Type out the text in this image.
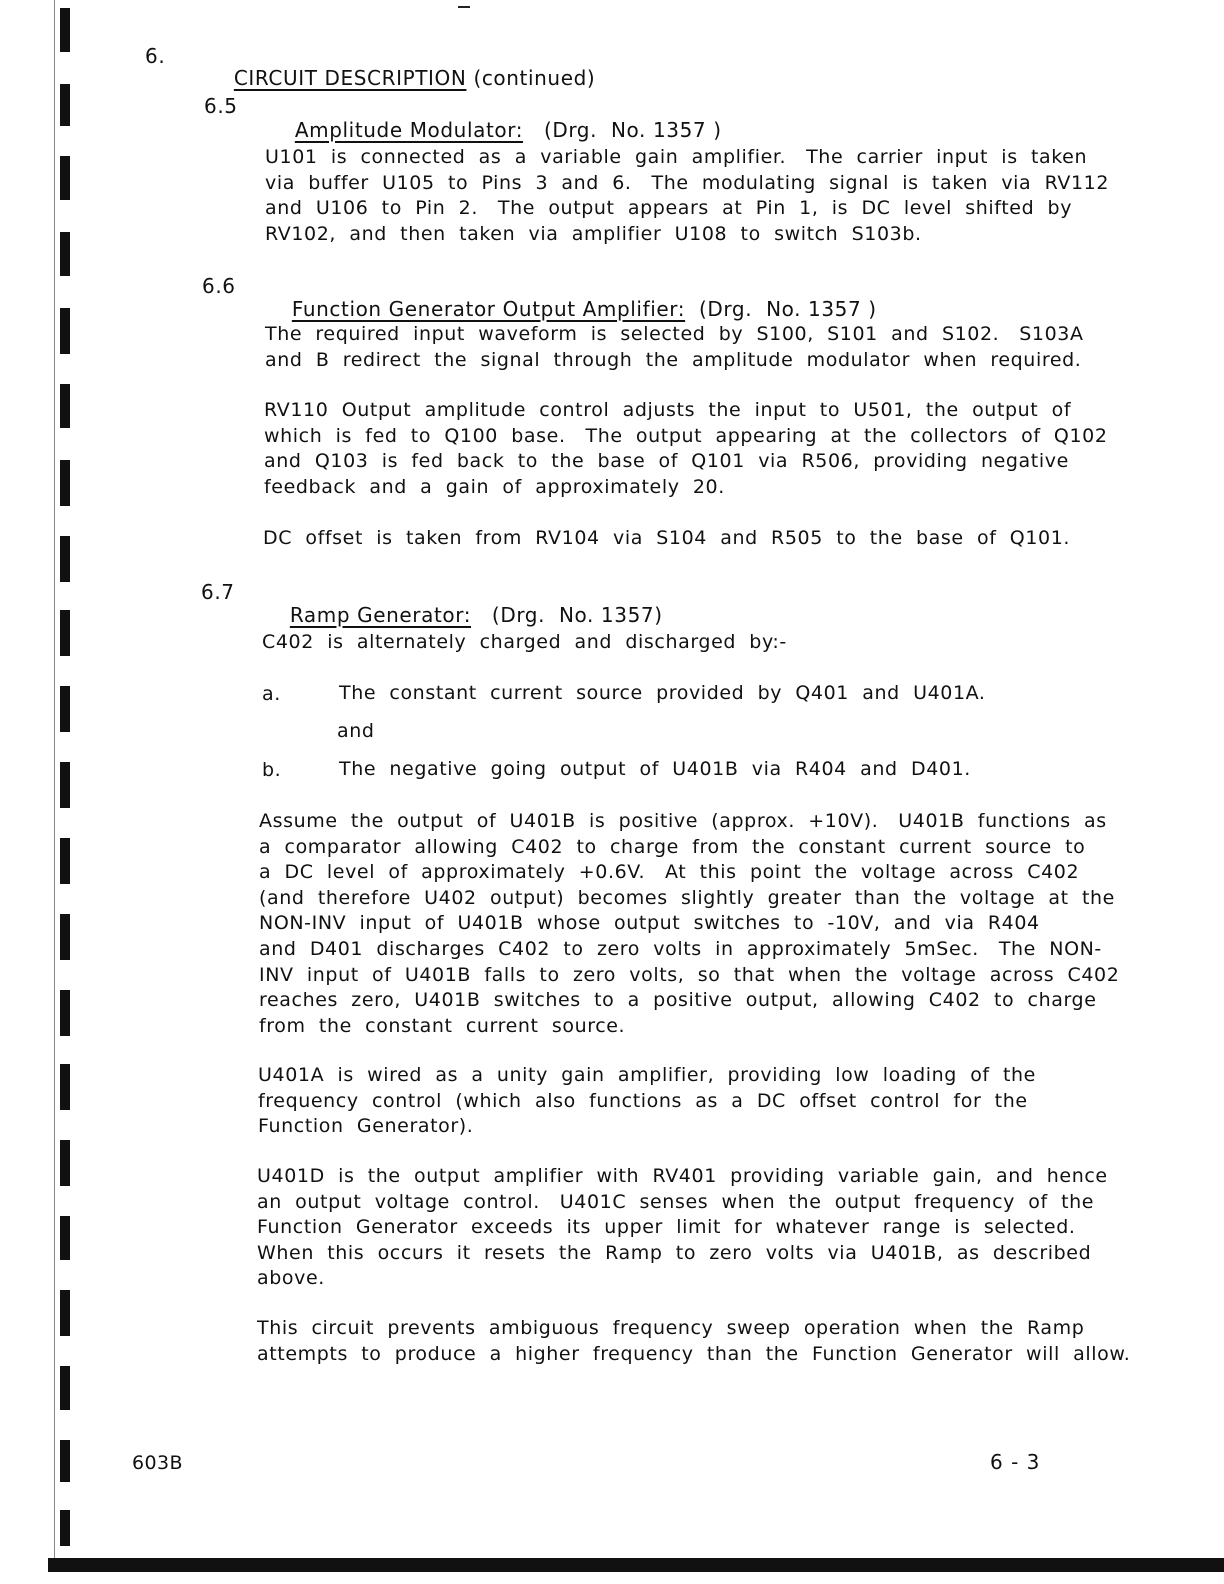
6.

CIRCUIT DESCRIPTION (continued)

6.5

Amplitude Modulator: (Drg.  No. 1357 )

U101  is  connected  as  a  variable  gain  amplifier.   The  carrier  input  is  taken
via  buffer  U105  to  Pins  3  and  6.   The  modulating  signal  is  taken  via  RV112
and  U106  to  Pin  2.   The  output  appears  at  Pin  1,  is  DC  level  shifted  by
RV102,  and  then  taken  via  amplifier  U108  to  switch  S103b.
6.6

Function Generator Output Amplifier: (Drg.  No. 1357 )

The  required  input  waveform  is  selected  by  S100,  S101  and  S102.   S103A
and  B  redirect  the  signal  through  the  amplitude  modulator  when  required.
RV110  Output  amplitude  control  adjusts  the  input  to  U501,  the  output  of
which  is  fed  to  Q100  base.   The  output  appearing  at  the  collectors  of  Q102
and  Q103  is  fed  back  to  the  base  of  Q101  via  R506,  providing  negative
feedback  and  a  gain  of  approximately  20.
DC  offset  is  taken  from  RV104  via  S104  and  R505  to  the  base  of  Q101.
6.7

Ramp Generator: (Drg.  No. 1357)

C402  is  alternately  charged  and  discharged  by:-
a.	The  constant  current  source  provided  by  Q401  and  U401A.
and
b.	The  negative  going  output  of  U401B  via  R404  and  D401.
Assume  the  output  of  U401B  is  positive  (approx.  +10V).   U401B  functions  as
a  comparator  allowing  C402  to  charge  from  the  constant  current  source  to
a  DC  level  of  approximately  +0.6V.   At  this  point  the  voltage  across  C402
(and  therefore  U402  output)  becomes  slightly  greater  than  the  voltage  at  the
NON-INV  input  of  U401B  whose  output  switches  to  -10V,  and  via  R404
and  D401  discharges  C402  to  zero  volts  in  approximately  5mSec.   The  NON-
INV  input  of  U401B  falls  to  zero  volts,  so  that  when  the  voltage  across  C402
reaches  zero,  U401B  switches  to  a  positive  output,  allowing  C402  to  charge
from  the  constant  current  source.
U401A  is  wired  as  a  unity  gain  amplifier,  providing  low  loading  of  the
frequency  control  (which  also  functions  as  a  DC  offset  control  for  the
Function  Generator).
U401D  is  the  output  amplifier  with  RV401  providing  variable  gain,  and  hence
an  output  voltage  control.   U401C  senses  when  the  output  frequency  of  the
Function  Generator  exceeds  its  upper  limit  for  whatever  range  is  selected.
When  this  occurs  it  resets  the  Ramp  to  zero  volts  via  U401B,  as  described
above.
This  circuit  prevents  ambiguous  frequency  sweep  operation  when  the  Ramp
attempts  to  produce  a  higher  frequency  than  the  Function  Generator  will  allow.
603B	6 - 3
